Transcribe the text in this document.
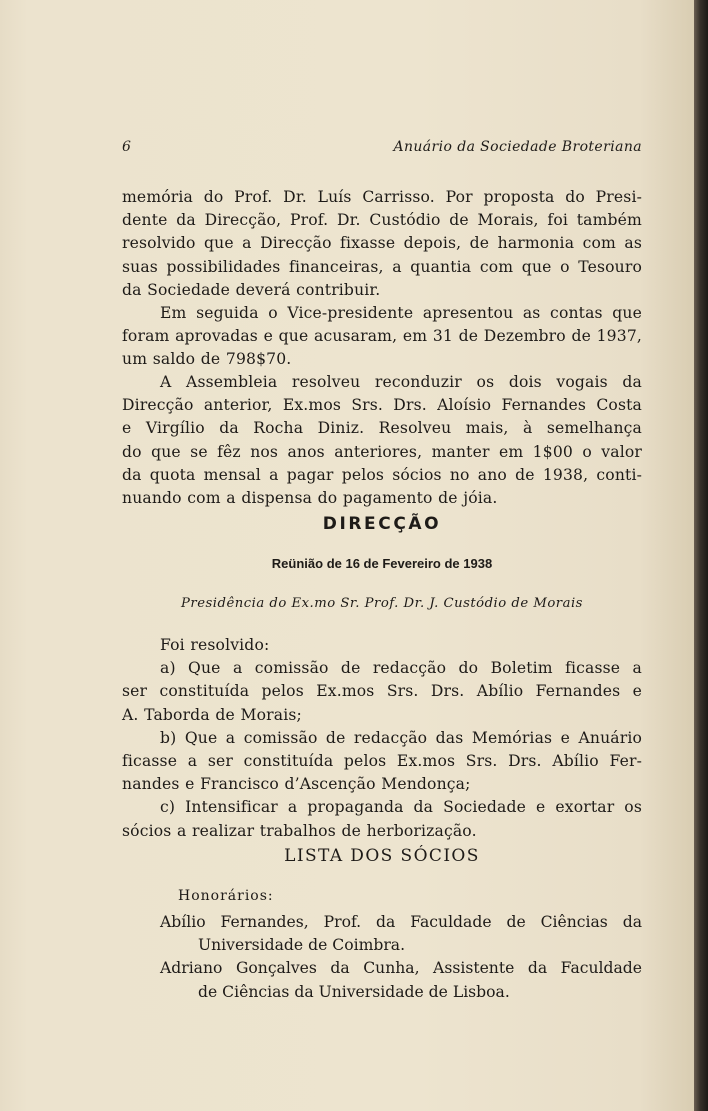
6	Anuário da Sociedade Broteriana
memória do Prof. Dr. Luís Carrisso. Por proposta do Presi-
dente da Direcção, Prof. Dr. Custódio de Morais, foi também
resolvido que a Direcção fixasse depois, de harmonia com as
suas possibilidades financeiras, a quantia com que o Tesouro
da Sociedade deverá contribuir.
Em seguida o Vice-presidente apresentou as contas que
foram aprovadas e que acusaram, em 31 de Dezembro de 1937,
um saldo de 798$70.
A Assembleia resolveu reconduzir os dois vogais da
Direcção anterior, Ex.mos Srs. Drs. Aloísio Fernandes Costa
e Virgílio da Rocha Diniz. Resolveu mais, à semelhança
do que se fêz nos anos anteriores, manter em 1$00 o valor
da quota mensal a pagar pelos sócios no ano de 1938, conti-
nuando com a dispensa do pagamento de jóia.
DIRECÇÃO
Reünião de 16 de Fevereiro de 1938
Presidência do Ex.mo Sr. Prof. Dr. J. Custódio de Morais
Foi resolvido:
a) Que a comissão de redacção do Boletim ficasse a
ser constituída pelos Ex.mos Srs. Drs. Abílio Fernandes e
A. Taborda de Morais;
b) Que a comissão de redacção das Memórias e Anuário
ficasse a ser constituída pelos Ex.mos Srs. Drs. Abílio Fer-
nandes e Francisco d’Ascenção Mendonça;
c) Intensificar a propaganda da Sociedade e exortar os
sócios a realizar trabalhos de herborização.
LISTA DOS SÓCIOS
Honorários:
Abílio Fernandes, Prof. da Faculdade de Ciências da
Universidade de Coimbra.
Adriano Gonçalves da Cunha, Assistente da Faculdade
de Ciências da Universidade de Lisboa.
